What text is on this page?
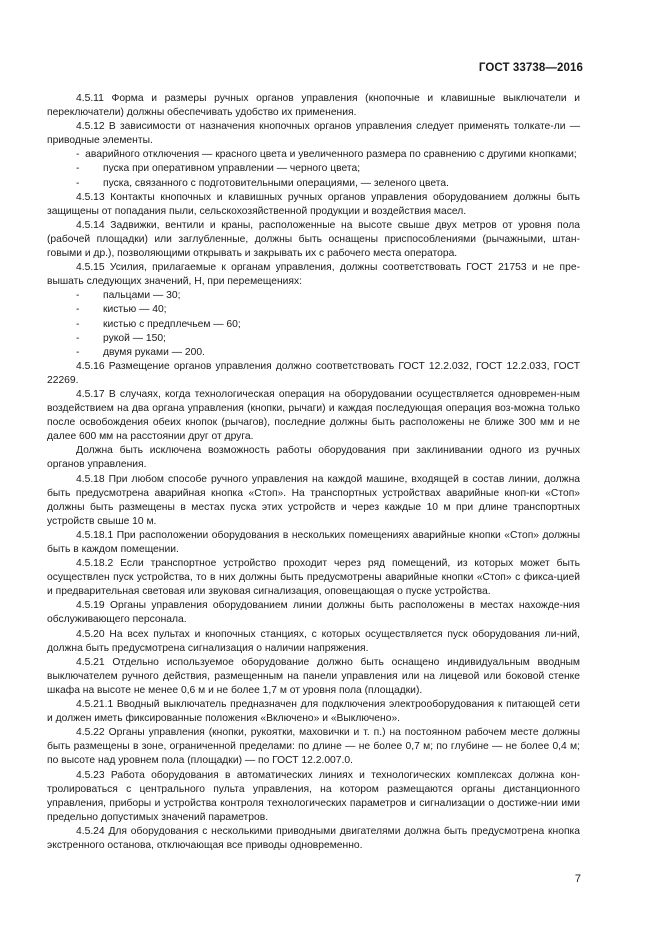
ГОСТ 33738—2016

4.5.11 Форма и размеры ручных органов управления (кнопочные и клавишные выключатели и переключатели) должны обеспечивать удобство их применения.

4.5.12 В зависимости от назначения кнопочных органов управления следует применять толкате-ли — приводные элементы.

-  аварийного отключения — красного цвета и увеличенного размера по сравнению с другими кнопками;

- пуска при оперативном управлении — черного цвета;

- пуска, связанного с подготовительными операциями, — зеленого цвета.

4.5.13 Контакты кнопочных и клавишных ручных органов управления оборудованием должны быть защищены от попадания пыли, сельскохозяйственной продукции и воздействия масел.

4.5.14 Задвижки, вентили и краны, расположенные на высоте свыше двух метров от уровня пола (рабочей площадки) или заглубленные, должны быть оснащены приспособлениями (рычажными, штан-говыми и др.), позволяющими открывать и закрывать их с рабочего места оператора.

4.5.15 Усилия, прилагаемые к органам управления, должны соответствовать ГОСТ 21753 и не пре-вышать следующих значений, Н, при перемещениях:

- пальцами — 30;

- кистью — 40;

- кистью с предплечьем — 60;

- рукой — 150;

- двумя руками — 200.

4.5.16 Размещение органов управления должно соответствовать ГОСТ 12.2.032, ГОСТ 12.2.033, ГОСТ 22269.

4.5.17 В случаях, когда технологическая операция на оборудовании осуществляется одновремен-ным воздействием на два органа управления (кнопки, рычаги) и каждая последующая операция воз-можна только после освобождения обеих кнопок (рычагов), последние должны быть расположены не ближе 300 мм и не далее 600 мм на расстоянии друг от друга.

Должна быть исключена возможность работы оборудования при заклинивании одного из ручных органов управления.

4.5.18 При любом способе ручного управления на каждой машине, входящей в состав линии, должна быть предусмотрена аварийная кнопка «Стоп». На транспортных устройствах аварийные кноп-ки «Стоп» должны быть размещены в местах пуска этих устройств и через каждые 10 м при длине транспортных устройств свыше 10 м.

4.5.18.1 При расположении оборудования в нескольких помещениях аварийные кнопки «Стоп» должны быть в каждом помещении.

4.5.18.2 Если транспортное устройство проходит через ряд помещений, из которых может быть осуществлен пуск устройства, то в них должны быть предусмотрены аварийные кнопки «Стоп» с фикса-цией и предварительная световая или звуковая сигнализация, оповещающая о пуске устройства.

4.5.19 Органы управления оборудованием линии должны быть расположены в местах нахожде-ния обслуживающего персонала.

4.5.20 На всех пультах и кнопочных станциях, с которых осуществляется пуск оборудования ли-ний, должна быть предусмотрена сигнализация о наличии напряжения.

4.5.21 Отдельно используемое оборудование должно быть оснащено индивидуальным вводным выключателем ручного действия, размещенным на панели управления или на лицевой или боковой стенке шкафа на высоте не менее 0,6 м и не более 1,7 м от уровня пола (площадки).

4.5.21.1 Вводный выключатель предназначен для подключения электрооборудования к питающей сети и должен иметь фиксированные положения «Включено» и «Выключено».

4.5.22 Органы управления (кнопки, рукоятки, маховички и т. п.) на постоянном рабочем месте должны быть размещены в зоне, ограниченной пределами: по длине — не более 0,7 м; по глубине — не более 0,4 м; по высоте над уровнем пола (площадки) — по ГОСТ 12.2.007.0.

4.5.23 Работа оборудования в автоматических линиях и технологических комплексах должна кон-тролироваться с центрального пульта управления, на котором размещаются органы дистанционного управления, приборы и устройства контроля технологических параметров и сигнализации о достиже-нии ими предельно допустимых значений параметров.

4.5.24 Для оборудования с несколькими приводными двигателями должна быть предусмотрена кнопка экстренного останова, отключающая все приводы одновременно.

7
